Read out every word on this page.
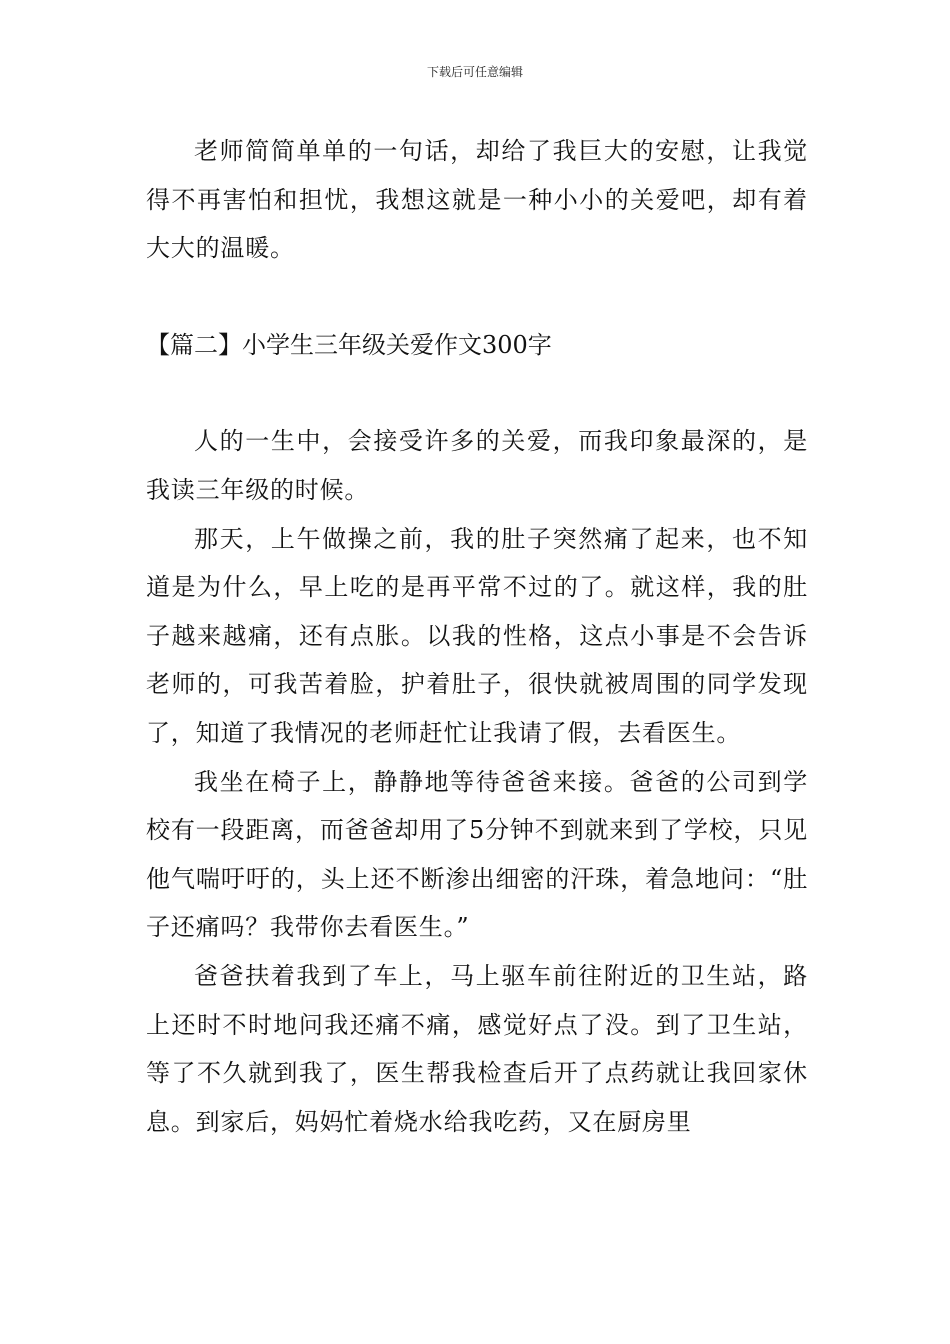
下载后可任意编辑

老师简简单单的一句话，却给了我巨大的安慰，让我觉得不再害怕和担忧，我想这就是一种小小的关爱吧，却有着大大的温暖。

【篇二】小学生三年级关爱作文300字

人的一生中，会接受许多的关爱，而我印象最深的，是我读三年级的时候。

那天，上午做操之前，我的肚子突然痛了起来，也不知道是为什么，早上吃的是再平常不过的了。就这样，我的肚子越来越痛，还有点胀。以我的性格，这点小事是不会告诉老师的，可我苦着脸，护着肚子，很快就被周围的同学发现了，知道了我情况的老师赶忙让我请了假，去看医生。

我坐在椅子上，静静地等待爸爸来接。爸爸的公司到学校有一段距离，而爸爸却用了5分钟不到就来到了学校，只见他气喘吁吁的，头上还不断渗出细密的汗珠，着急地问：“肚子还痛吗？我带你去看医生。”

爸爸扶着我到了车上，马上驱车前往附近的卫生站，路上还时不时地问我还痛不痛，感觉好点了没。到了卫生站，等了不久就到我了，医生帮我检查后开了点药就让我回家休息。到家后，妈妈忙着烧水给我吃药，又在厨房里
